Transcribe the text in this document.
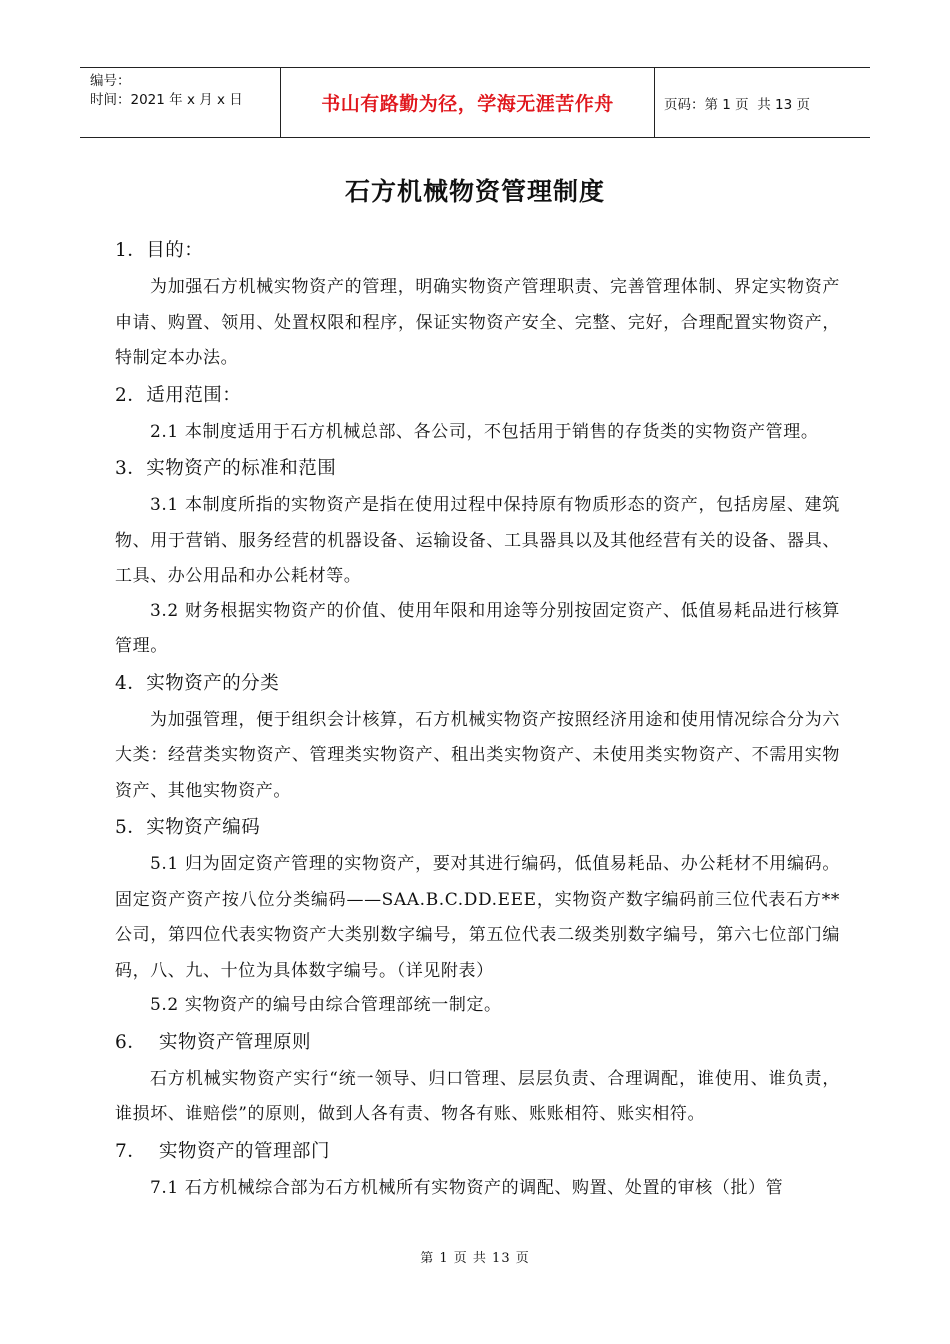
编号：
时间：2021 年 x 月 x 日	书山有路勤为径，学海无涯苦作舟	页码：第 1 页  共 13 页
石方机械物资管理制度
1．目的：
为加强石方机械实物资产的管理，明确实物资产管理职责、完善管理体制、界定实物资产申请、购置、领用、处置权限和程序，保证实物资产安全、完整、完好，合理配置实物资产，特制定本办法。
2．适用范围：
2.1 本制度适用于石方机械总部、各公司，不包括用于销售的存货类的实物资产管理。
3．实物资产的标准和范围
3.1 本制度所指的实物资产是指在使用过程中保持原有物质形态的资产，包括房屋、建筑物、用于营销、服务经营的机器设备、运输设备、工具器具以及其他经营有关的设备、器具、工具、办公用品和办公耗材等。
3.2 财务根据实物资产的价值、使用年限和用途等分别按固定资产、低值易耗品进行核算管理。
4．实物资产的分类
为加强管理，便于组织会计核算，石方机械实物资产按照经济用途和使用情况综合分为六大类：经营类实物资产、管理类实物资产、租出类实物资产、未使用类实物资产、不需用实物资产、其他实物资产。
5．实物资产编码
5.1 归为固定资产管理的实物资产，要对其进行编码，低值易耗品、办公耗材不用编码。固定资产资产按八位分类编码——SAA.B.C.DD.EEE，实物资产数字编码前三位代表石方**公司，第四位代表实物资产大类别数字编号，第五位代表二级类别数字编号，第六七位部门编码，八、九、十位为具体数字编号。（详见附表）
5.2 实物资产的编号由综合管理部统一制定。
6．  实物资产管理原则
石方机械实物资产实行“统一领导、归口管理、层层负责、合理调配，谁使用、谁负责，谁损坏、谁赔偿”的原则，做到人各有责、物各有账、账账相符、账实相符。
7．  实物资产的管理部门
7.1 石方机械综合部为石方机械所有实物资产的调配、购置、处置的审核（批）管
第 1 页 共 13 页
